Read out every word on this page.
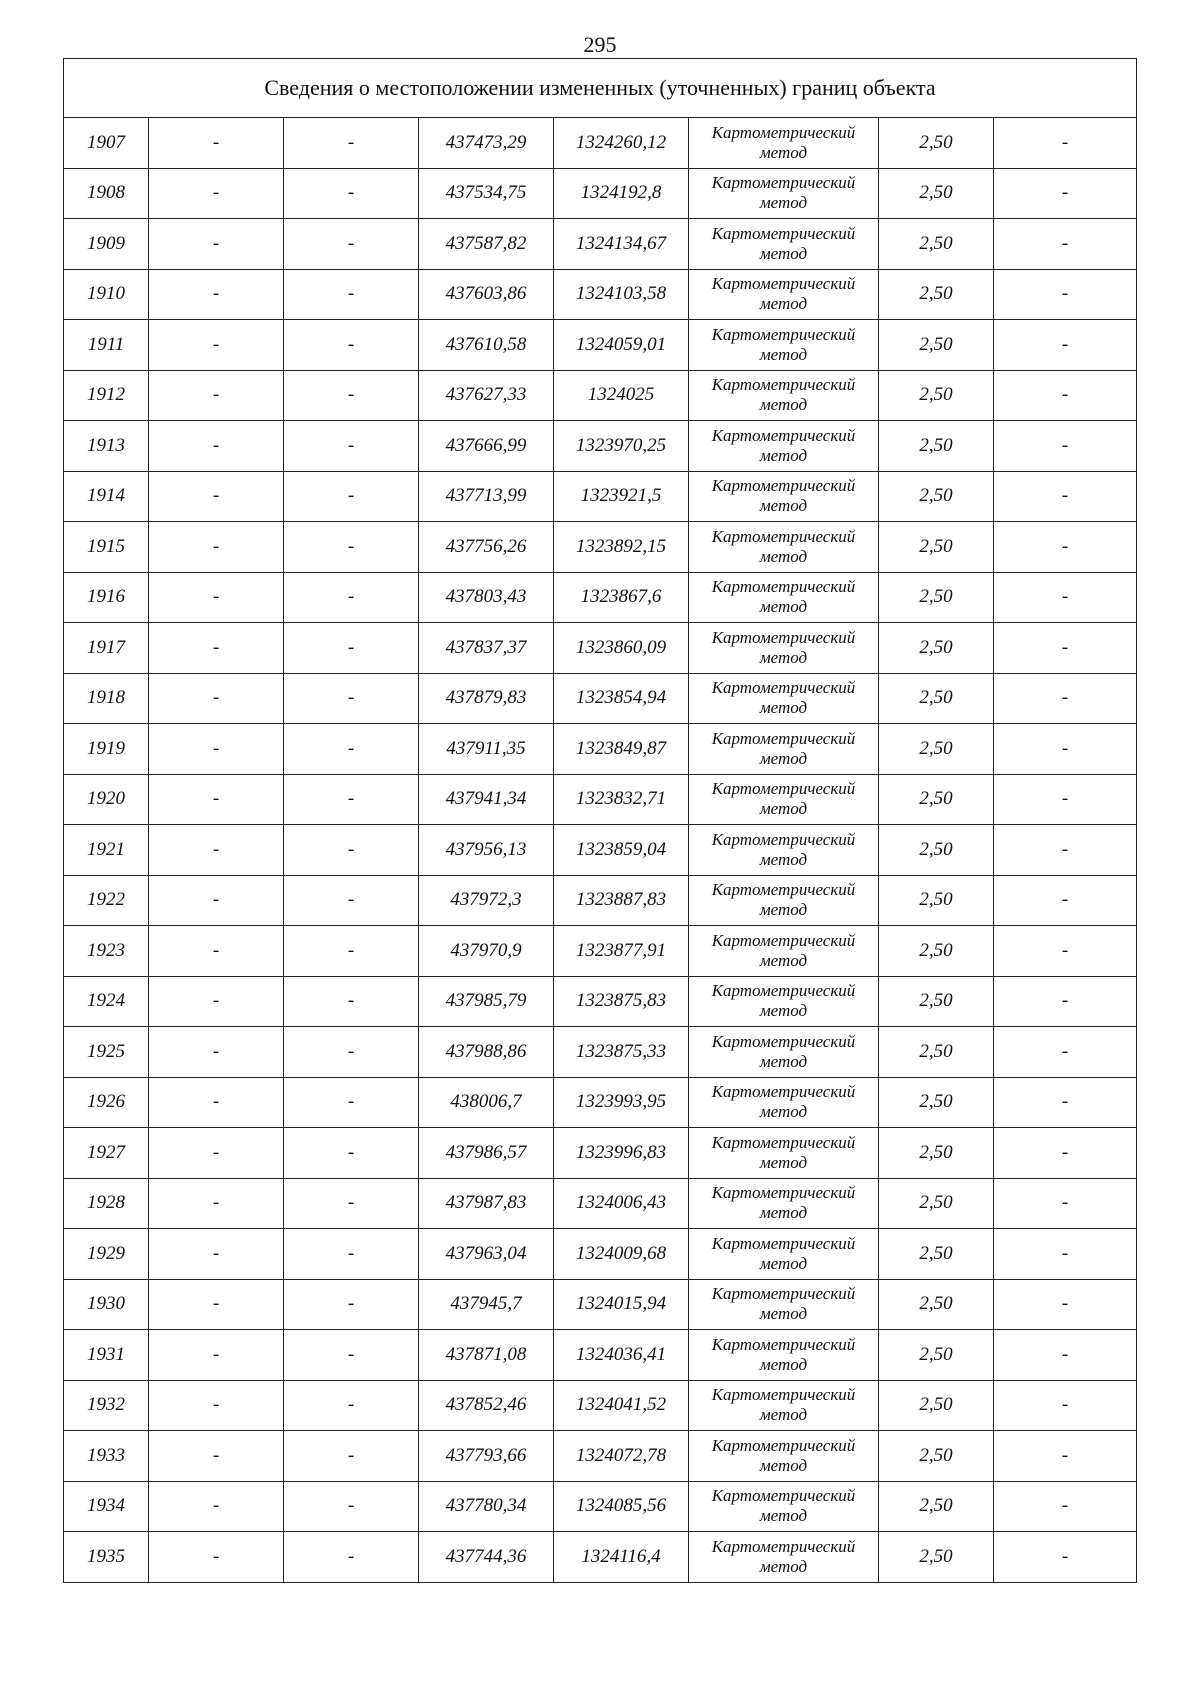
295
Сведения о местоположении измененных (уточненных) границ объекта							
1907	-	-	437473,29	1324260,12	Картометрический
метод	2,50	-
1908	-	-	437534,75	1324192,8	Картометрический
метод	2,50	-
1909	-	-	437587,82	1324134,67	Картометрический
метод	2,50	-
1910	-	-	437603,86	1324103,58	Картометрический
метод	2,50	-
1911	-	-	437610,58	1324059,01	Картометрический
метод	2,50	-
1912	-	-	437627,33	1324025	Картометрический
метод	2,50	-
1913	-	-	437666,99	1323970,25	Картометрический
метод	2,50	-
1914	-	-	437713,99	1323921,5	Картометрический
метод	2,50	-
1915	-	-	437756,26	1323892,15	Картометрический
метод	2,50	-
1916	-	-	437803,43	1323867,6	Картометрический
метод	2,50	-
1917	-	-	437837,37	1323860,09	Картометрический
метод	2,50	-
1918	-	-	437879,83	1323854,94	Картометрический
метод	2,50	-
1919	-	-	437911,35	1323849,87	Картометрический
метод	2,50	-
1920	-	-	437941,34	1323832,71	Картометрический
метод	2,50	-
1921	-	-	437956,13	1323859,04	Картометрический
метод	2,50	-
1922	-	-	437972,3	1323887,83	Картометрический
метод	2,50	-
1923	-	-	437970,9	1323877,91	Картометрический
метод	2,50	-
1924	-	-	437985,79	1323875,83	Картометрический
метод	2,50	-
1925	-	-	437988,86	1323875,33	Картометрический
метод	2,50	-
1926	-	-	438006,7	1323993,95	Картометрический
метод	2,50	-
1927	-	-	437986,57	1323996,83	Картометрический
метод	2,50	-
1928	-	-	437987,83	1324006,43	Картометрический
метод	2,50	-
1929	-	-	437963,04	1324009,68	Картометрический
метод	2,50	-
1930	-	-	437945,7	1324015,94	Картометрический
метод	2,50	-
1931	-	-	437871,08	1324036,41	Картометрический
метод	2,50	-
1932	-	-	437852,46	1324041,52	Картометрический
метод	2,50	-
1933	-	-	437793,66	1324072,78	Картометрический
метод	2,50	-
1934	-	-	437780,34	1324085,56	Картометрический
метод	2,50	-
1935	-	-	437744,36	1324116,4	Картометрический
метод	2,50	-
